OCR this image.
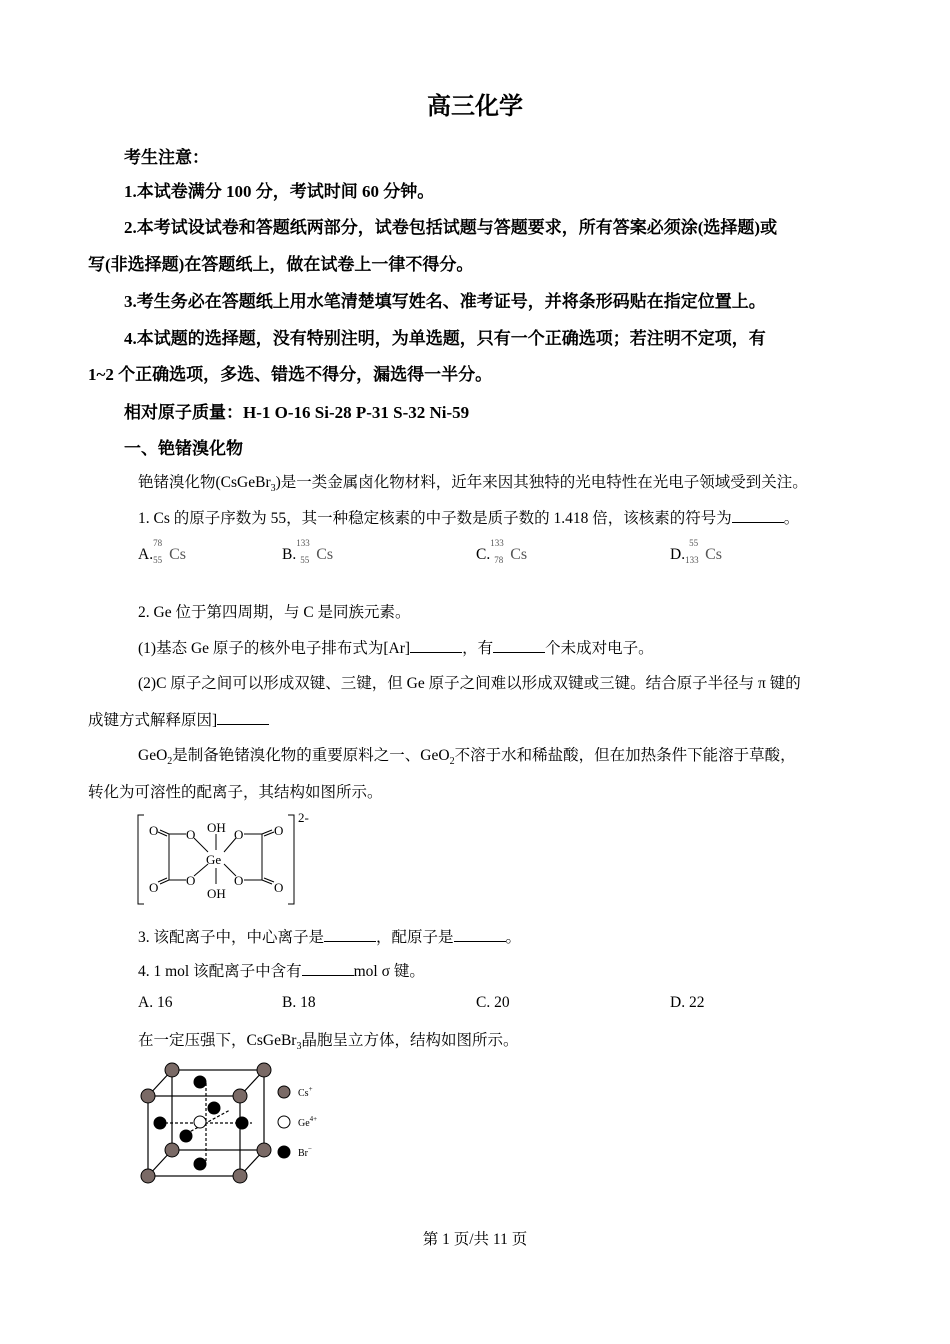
高三化学
考生注意：
1.本试卷满分 100 分，考试时间 60 分钟。
2.本考试设试卷和答题纸两部分，试卷包括试题与答题要求，所有答案必须涂(选择题)或
写(非选择题)在答题纸上，做在试卷上一律不得分。
3.考生务必在答题纸上用水笔清楚填写姓名、准考证号，并将条形码贴在指定位置上。
4.本试题的选择题，没有特别注明，为单选题，只有一个正确选项；若注明不定项，有
1~2 个正确选项，多选、错选不得分，漏选得一半分。
相对原子质量：H-1 O-16 Si-28 P-31 S-32 Ni-59
一、铯锗溴化物
铯锗溴化物(CsGeBr$_3$)是一类金属卤化物材料，近年来因其独特的光电特性在光电子领域受到关注。
1. Cs 的原子序数为 55，其一种稳定核素的中子数是质子数的 1.418 倍，该核素的符号为	。
A.
78
55 Cs	B.
133
55 Cs	C.
133
78 Cs	D.
55
133 Cs
2. Ge 位于第四周期，与 C 是同族元素。
(1)基态 Ge 原子的核外电子排布式为[Ar]	，有	个未成对电子。
(2)C 原子之间可以形成双键、三键，但 Ge 原子之间难以形成双键或三键。结合原子半径与 π 键的
成键方式解释原因]
GeO$_2$是制备铯锗溴化物的重要原料之一、GeO$_2$不溶于水和稀盐酸，但在加热条件下能溶于草酸，
转化为可溶性的配离子，其结构如图所示。
O
O
O
O
O
O
O
O
OH
OH
Ge
2-
3. 该配离子中，中心离子是	，配原子是	。
4. 1 mol 该配离子中含有	mol σ 键。
A. 16	B. 18	C. 20	D. 22
在一定压强下，CsGeBr$_3$晶胞呈立方体，结构如图所示。
Cs+
$Ge^{4+}$
Br−
第 1 页/共 11 页
